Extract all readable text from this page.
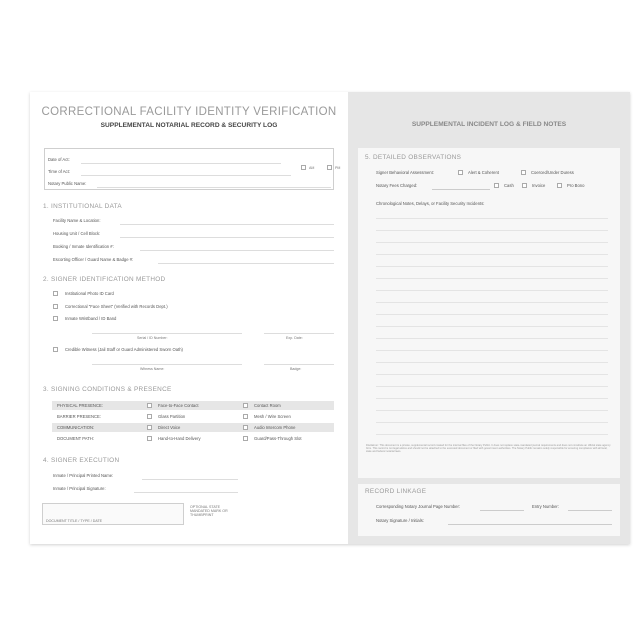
CORRECTIONAL FACILITY IDENTITY VERIFICATION
SUPPLEMENTAL NOTARIAL RECORD & SECURITY LOG
Date of Act:
Time of Act:
AM	PM
Notary Public Name:
1. INSTITUTIONAL DATA
Facility Name & Location:
Housing Unit / Cell Block:
Booking / Inmate Identification #:
Escorting Officer / Guard Name & Badge #:
2. SIGNER IDENTIFICATION METHOD
Institutional Photo ID Card
Correctional "Face Sheet" (Verified with Records Dept.)
Inmate Wristband / ID Band
Serial / ID Number:	Exp. Date:
Credible Witness (Jail Staff or Guard Administered Sworn Oath)
Witness Name:	Badge:
3. SIGNING CONDITIONS & PRESENCE
PHYSICAL PRESENCE:	Face-to-Face Contact	Contact Room
BARRIER PRESENCE:	Glass Partition	Mesh / Wire Screen
COMMUNICATION:	Direct Voice	Audio Intercom Phone
DOCUMENT PATH:	Hand-to-Hand Delivery	Guard/Pass-Through Slot
4. SIGNER EXECUTION
Inmate / Principal Printed Name:
Inmate / Principal Signature:
DOCUMENT TITLE / TYPE / DATE
OPTIONAL STATE MANDATED MARK OR THUMBPRINT
SUPPLEMENTAL INCIDENT LOG & FIELD NOTES
5. DETAILED OBSERVATIONS
Signer Behavioral Assessment:	Alert & Coherent	Coerced/Under Duress
Notary Fees Charged:	Cash	Invoice	Pro Bono
Chronological Notes, Delays, or Facility Security Incidents:
Disclaimer: This document is a private, supplemental record created for the internal files of the Notary Public. It does not replace state-mandated journal requirements and does not constitute an official state agency form. This record is not legal advice and should not be attached to the executed document or filed with government authorities. The Notary Public remains solely responsible for ensuring compliance with all local, state and federal notarial laws.
RECORD LINKAGE
Corresponding Notary Journal Page Number:	Entry Number:
Notary Signature / Initials:
